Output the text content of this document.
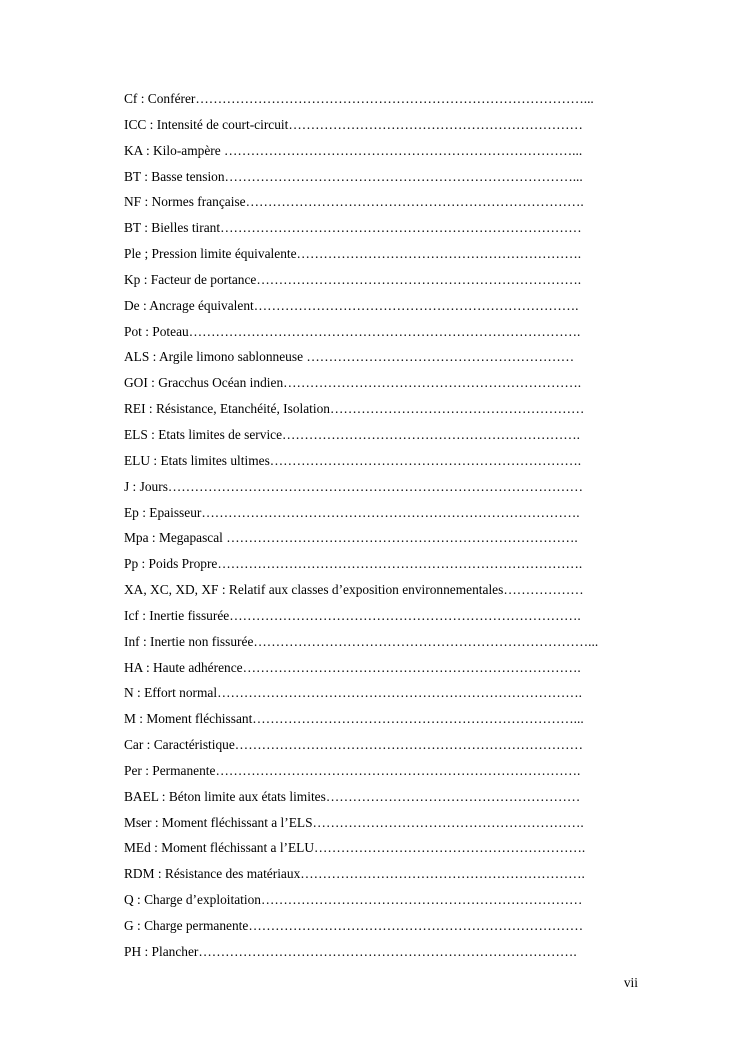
Cf : Conférer……………………………………………………………………………...
ICC : Intensité de court-circuit…………………………………………………………
KA : Kilo-ampère ……………………………………………………………………...
BT : Basse tension……………………………………………………………………...
NF : Normes française………………………………………………………………….
BT : Bielles tirant………………………………………………………………………
Ple ; Pression limite équivalente……………………………………………………….
Kp : Facteur de portance……………………………………………………………….
De : Ancrage équivalent……………………………………………………………….
Pot : Poteau…………………………………………………………………………….
ALS : Argile limono sablonneuse ……………………………………………………
GOI : Gracchus Océan indien………………………………………………………….
REI : Résistance, Etanchéité, Isolation…………………………………………………
ELS : Etats limites de service………………………………………………………….
ELU : Etats limites ultimes…………………………………………………………….
J : Jours…………………………………………………………………………………
Ep : Epaisseur………………………………………………………………………….
Mpa : Megapascal …………………………………………………………………….
Pp : Poids Propre……………………………………………………………………….
XA, XC, XD, XF : Relatif aux classes d’exposition environnementales………………
Icf : Inertie fissurée…………………………………………………………………….
Inf : Inertie non fissurée…………………………………………………………………...
HA : Haute adhérence………………………………………………………………….
N : Effort normal……………………………………………………………………….
M : Moment fléchissant………………………………………………………………...
Car : Caractéristique……………………………………………………………………
Per : Permanente……………………………………………………………………….
BAEL : Béton limite aux états limites…………………………………………………
Mser : Moment fléchissant a l’ELS…………………………………………………….
MEd : Moment fléchissant a l’ELU…………………………………………………….
RDM : Résistance des matériaux……………………………………………………….
Q : Charge d’exploitation………………………………………………………………
G : Charge permanente…………………………………………………………………
PH : Plancher………………………………………………………………………….
vii
